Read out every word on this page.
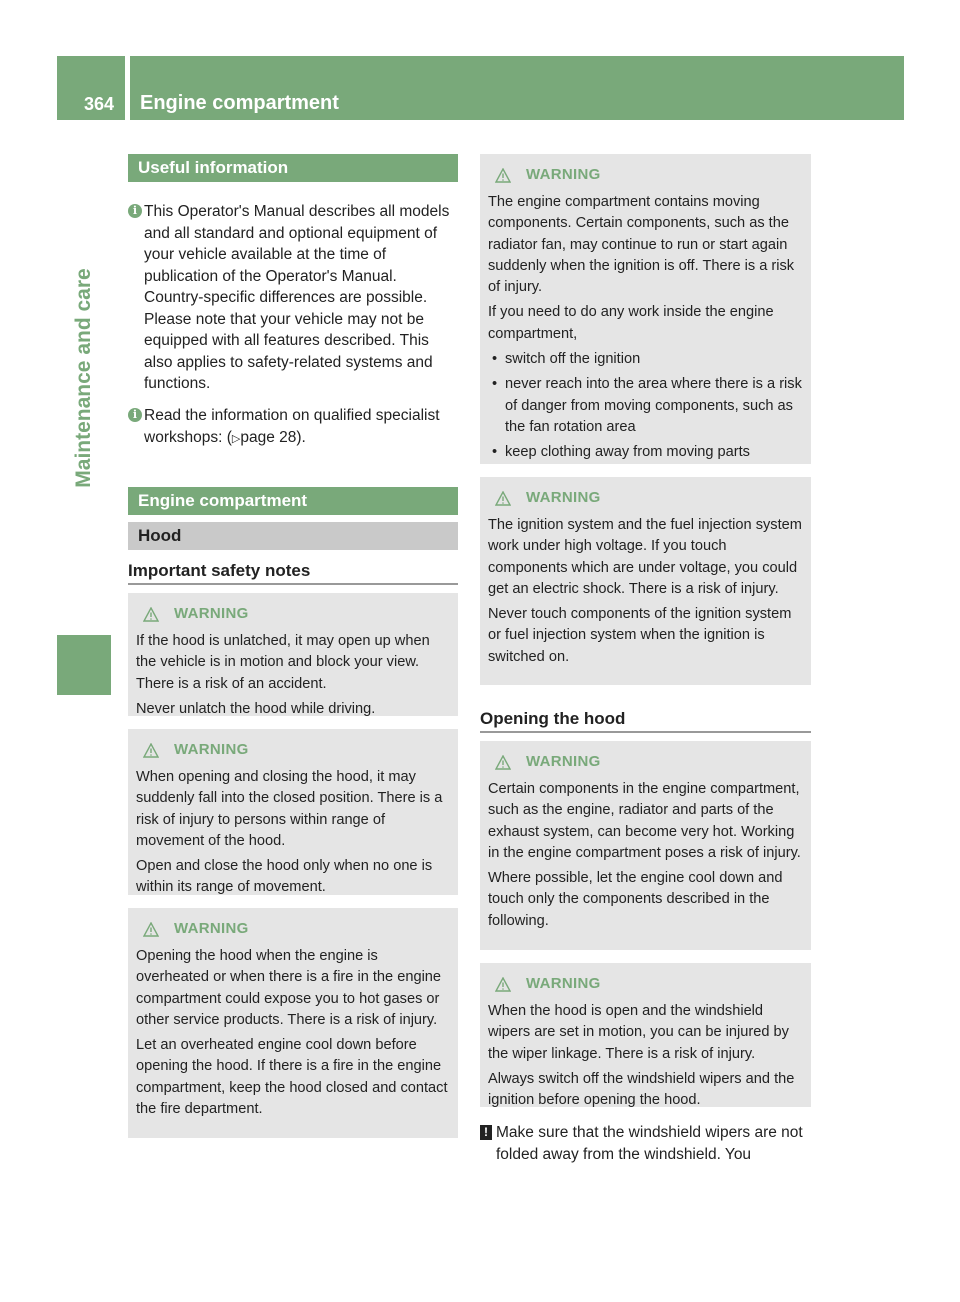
364 Engine compartment
Maintenance and care
Useful information
i This Operator's Manual describes all models and all standard and optional equipment of your vehicle available at the time of publication of the Operator's Manual. Country-specific differences are possible. Please note that your vehicle may not be equipped with all features described. This also applies to safety-related systems and functions.
i Read the information on qualified specialist workshops: (▷page 28).
Engine compartment
Hood
Important safety notes
WARNING

If the hood is unlatched, it may open up when the vehicle is in motion and block your view. There is a risk of an accident.

Never unlatch the hood while driving.

WARNING

When opening and closing the hood, it may suddenly fall into the closed position. There is a risk of injury to persons within range of movement of the hood.

Open and close the hood only when no one is within its range of movement.

WARNING

Opening the hood when the engine is overheated or when there is a fire in the engine compartment could expose you to hot gases or other service products. There is a risk of injury.

Let an overheated engine cool down before opening the hood. If there is a fire in the engine compartment, keep the hood closed and contact the fire department.

WARNING

The engine compartment contains moving components. Certain components, such as the radiator fan, may continue to run or start again suddenly when the ignition is off. There is a risk of injury.

If you need to do any work inside the engine compartment,

• switch off the ignition
• never reach into the area where there is a risk of danger from moving components, such as the fan rotation area
• keep clothing away from moving parts
WARNING

The ignition system and the fuel injection system work under high voltage. If you touch components which are under voltage, you could get an electric shock. There is a risk of injury.

Never touch components of the ignition system or fuel injection system when the ignition is switched on.

Opening the hood
WARNING

Certain components in the engine compartment, such as the engine, radiator and parts of the exhaust system, can become very hot. Working in the engine compartment poses a risk of injury.

Where possible, let the engine cool down and touch only the components described in the following.

WARNING

When the hood is open and the windshield wipers are set in motion, you can be injured by the wiper linkage. There is a risk of injury.

Always switch off the windshield wipers and the ignition before opening the hood.

! Make sure that the windshield wipers are not folded away from the windshield. You
